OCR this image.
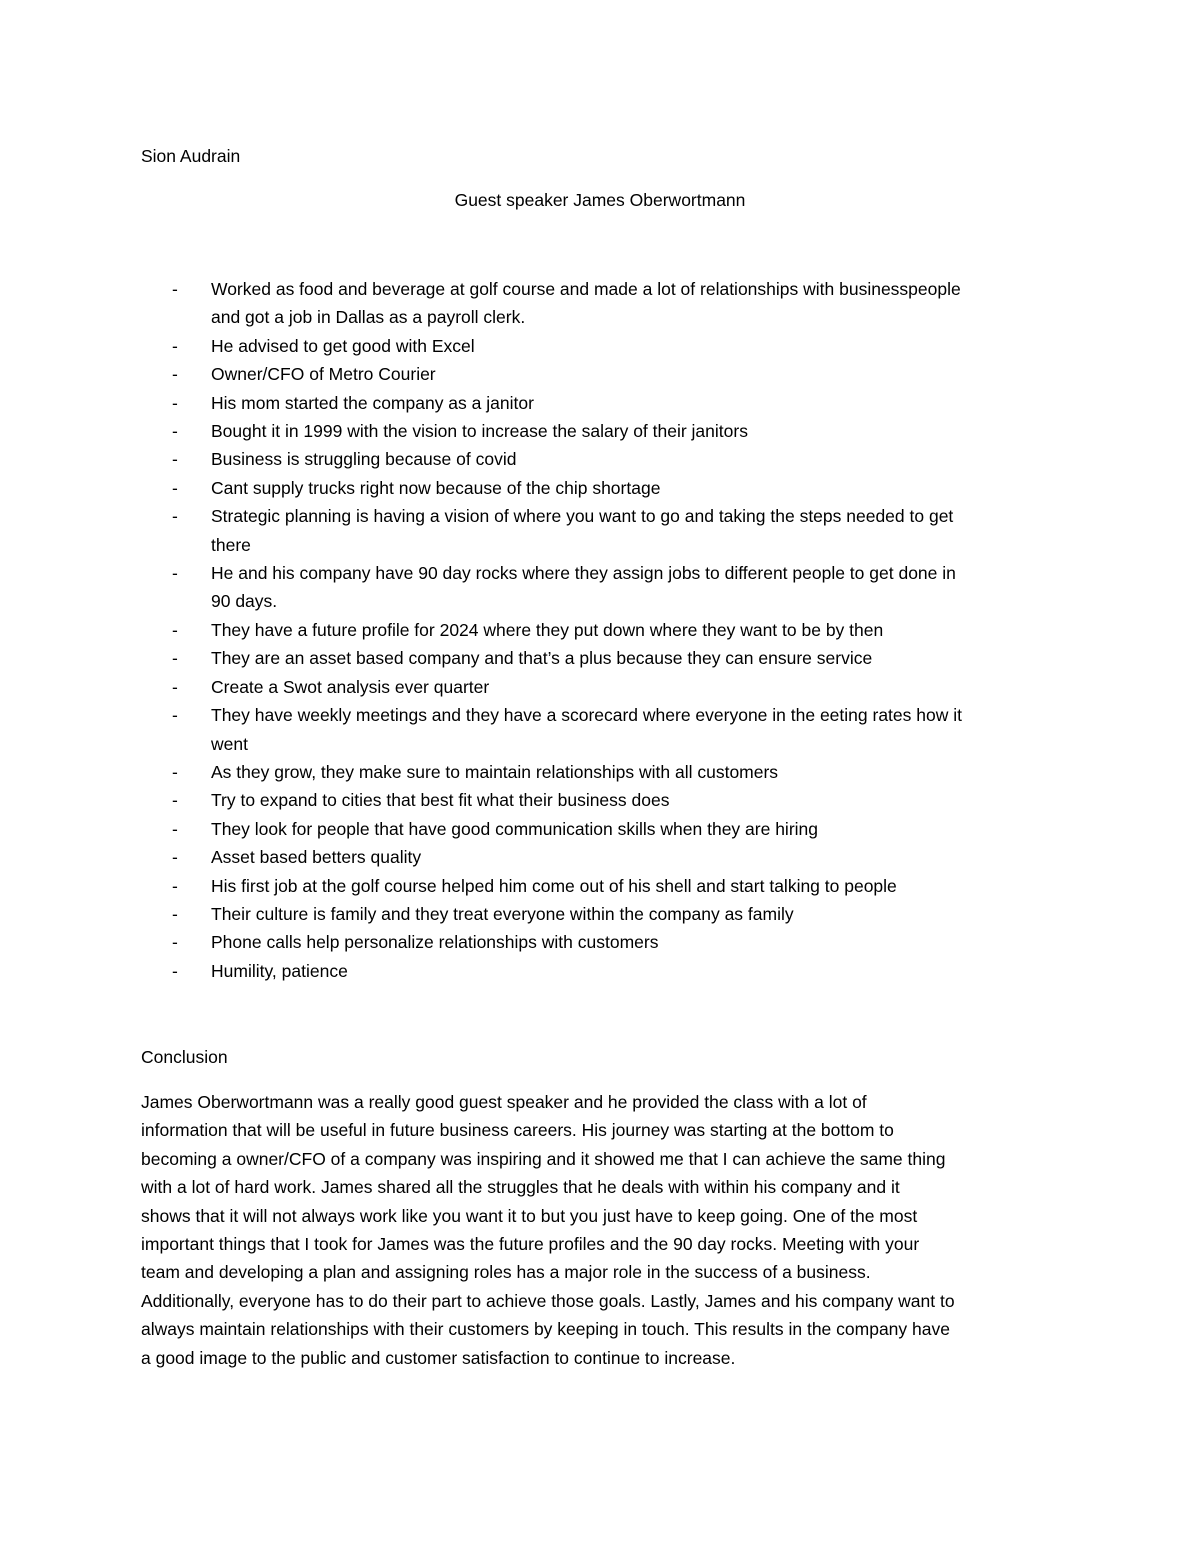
Sion Audrain
Guest speaker James Oberwortmann
- Worked as food and beverage at golf course and made a lot of relationships with businesspeople
and got a job in Dallas as a payroll clerk.
- He advised to get good with Excel
- Owner/CFO of Metro Courier
- His mom started the company as a janitor
- Bought it in 1999 with the vision to increase the salary of their janitors
- Business is struggling because of covid
- Cant supply trucks right now because of the chip shortage
- Strategic planning is having a vision of where you want to go and taking the steps needed to get
there
- He and his company have 90 day rocks where they assign jobs to different people to get done in
90 days.
- They have a future profile for 2024 where they put down where they want to be by then
- They are an asset based company and that’s a plus because they can ensure service
- Create a Swot analysis ever quarter
- They have weekly meetings and they have a scorecard where everyone in the eeting rates how it
went
- As they grow, they make sure to maintain relationships with all customers
- Try to expand to cities that best fit what their business does
- They look for people that have good communication skills when they are hiring
- Asset based betters quality
- His first job at the golf course helped him come out of his shell and start talking to people
- Their culture is family and they treat everyone within the company as family
- Phone calls help personalize relationships with customers
- Humility, patience
Conclusion

James Oberwortmann was a really good guest speaker and he provided the class with a lot of
information that will be useful in future business careers. His journey was starting at the bottom to
becoming a owner/CFO of a company was inspiring and it showed me that I can achieve the same thing
with a lot of hard work. James shared all the struggles that he deals with within his company and it
shows that it will not always work like you want it to but you just have to keep going. One of the most
important things that I took for James was the future profiles and the 90 day rocks. Meeting with your
team and developing a plan and assigning roles has a major role in the success of a business.
Additionally, everyone has to do their part to achieve those goals. Lastly, James and his company want to
always maintain relationships with their customers by keeping in touch. This results in the company have
a good image to the public and customer satisfaction to continue to increase.
